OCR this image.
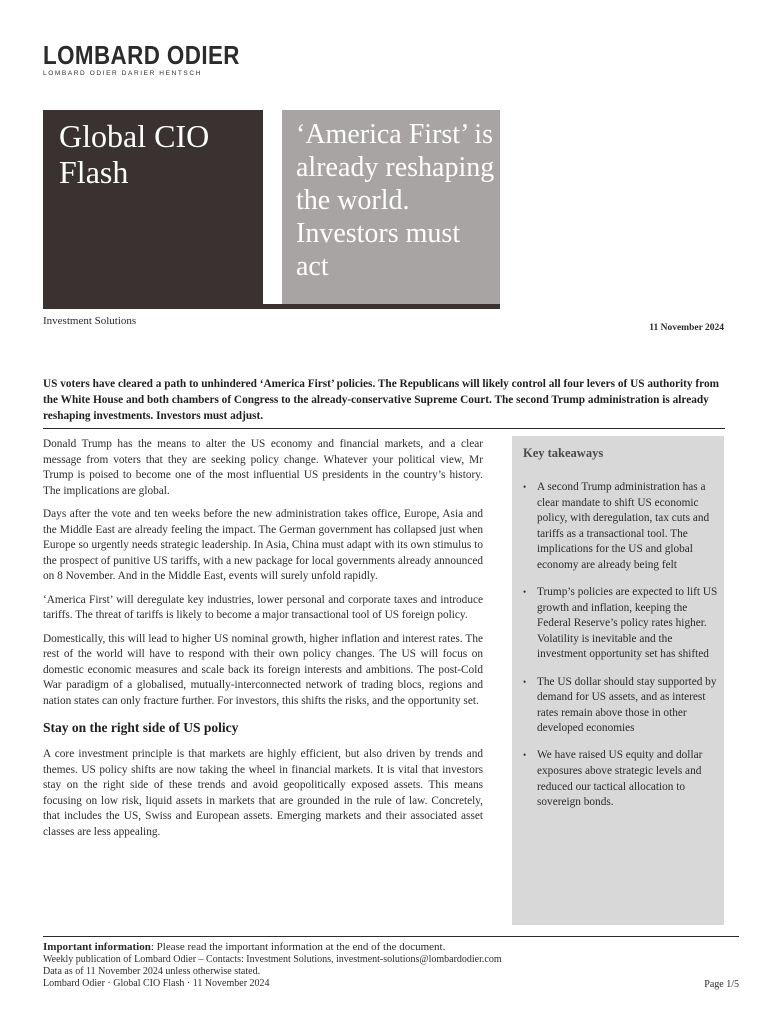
LOMBARD ODIER
LOMBARD ODIER DARIER HENTSCH
Global CIO Flash
‘America First’ is already reshaping the world. Investors must act
Investment Solutions
11 November 2024
US voters have cleared a path to unhindered ‘America First’ policies. The Republicans will likely control all four levers of US authority from the White House and both chambers of Congress to the already-conservative Supreme Court. The second Trump administration is already reshaping investments. Investors must adjust.

Donald Trump has the means to alter the US economy and financial markets, and a clear message from voters that they are seeking policy change. Whatever your political view, Mr Trump is poised to become one of the most influential US presidents in the country’s history. The implications are global.

Days after the vote and ten weeks before the new administration takes office, Europe, Asia and the Middle East are already feeling the impact. The German government has collapsed just when Europe so urgently needs strategic leadership. In Asia, China must adapt with its own stimulus to the prospect of punitive US tariffs, with a new package for local governments already announced on 8 November. And in the Middle East, events will surely unfold rapidly.

‘America First’ will deregulate key industries, lower personal and corporate taxes and introduce tariffs. The threat of tariffs is likely to become a major transactional tool of US foreign policy.

Domestically, this will lead to higher US nominal growth, higher inflation and interest rates. The rest of the world will have to respond with their own policy changes. The US will focus on domestic economic measures and scale back its foreign interests and ambitions. The post-Cold War paradigm of a globalised, mutually-interconnected network of trading blocs, regions and nation states can only fracture further. For investors, this shifts the risks, and the opportunity set.

Stay on the right side of US policy

A core investment principle is that markets are highly efficient, but also driven by trends and themes. US policy shifts are now taking the wheel in financial markets. It is vital that investors stay on the right side of these trends and avoid geopolitically exposed assets. This means focusing on low risk, liquid assets in markets that are grounded in the rule of law. Concretely, that includes the US, Swiss and European assets. Emerging markets and their associated asset classes are less appealing.

Key takeaways
• A second Trump administration has a clear mandate to shift US economic policy, with deregulation, tax cuts and tariffs as a transactional tool. The implications for the US and global economy are already being felt
• Trump’s policies are expected to lift US growth and inflation, keeping the Federal Reserve’s policy rates higher. Volatility is inevitable and the investment opportunity set has shifted
• The US dollar should stay supported by demand for US assets, and as interest rates remain above those in other developed economies
• We have raised US equity and dollar exposures above strategic levels and reduced our tactical allocation to sovereign bonds.
Important information: Please read the important information at the end of the document.
Weekly publication of Lombard Odier – Contacts: Investment Solutions, investment-solutions@lombardodier.com
Data as of 11 November 2024 unless otherwise stated.
Lombard Odier · Global CIO Flash · 11 November 2024	Page 1/5
